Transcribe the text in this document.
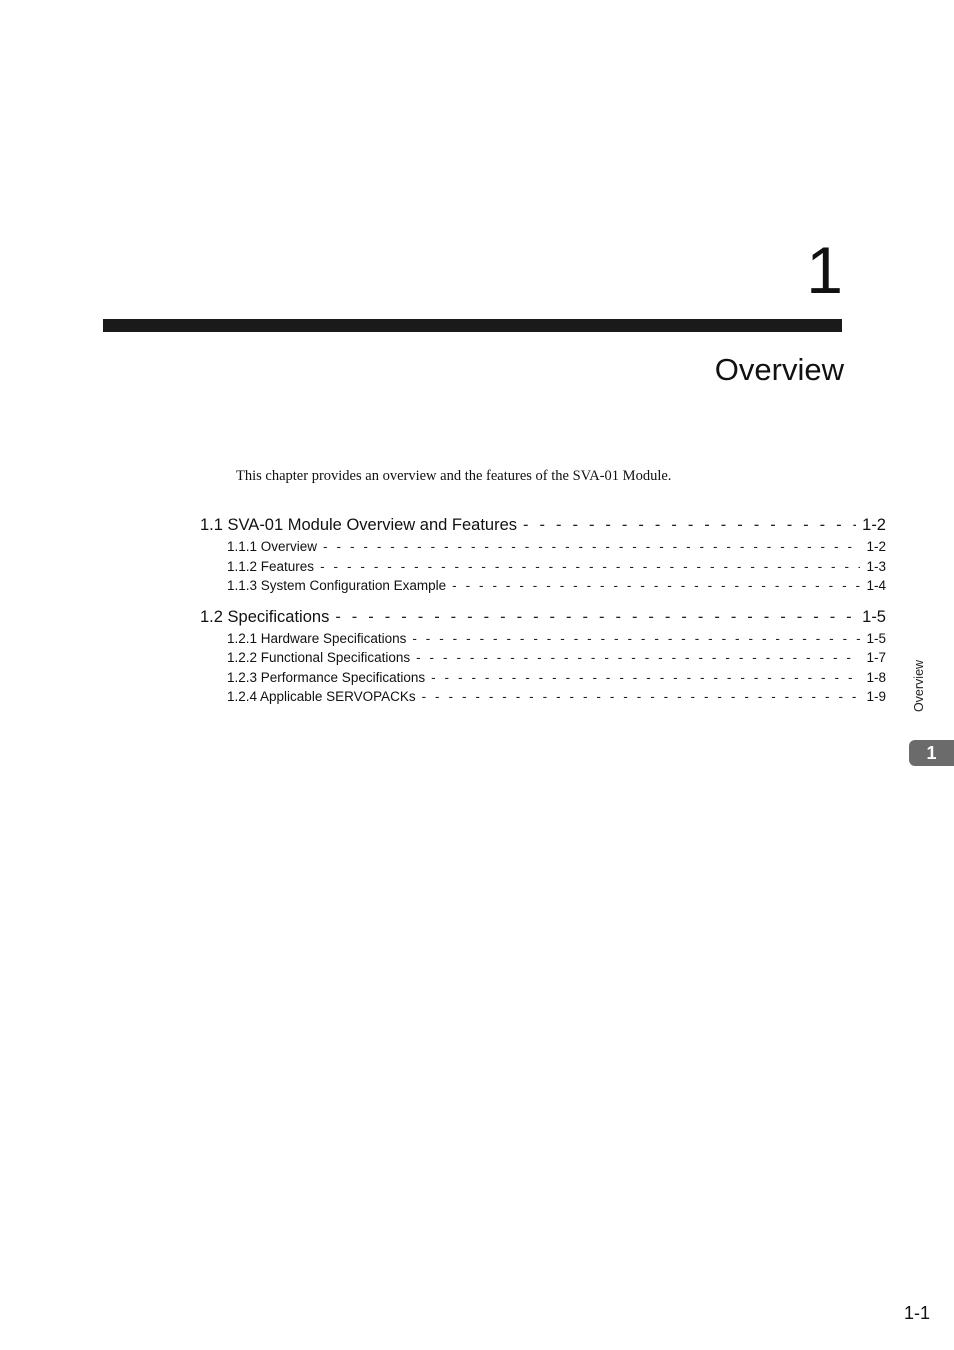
1
Overview
This chapter provides an overview and the features of the SVA-01 Module.
1.1 SVA-01 Module Overview and Features - - -	1-2
1.1.1 Overview - - -	1-2
1.1.2 Features - - -	1-3
1.1.3 System Configuration Example - - -	1-4
1.2 Specifications - - -	1-5
1.2.1 Hardware Specifications - - -	1-5
1.2.2 Functional Specifications - - -	1-7
1.2.3 Performance Specifications - - -	1-8
1.2.4 Applicable SERVOPACKs - - -	1-9 Overview
1
1-1
